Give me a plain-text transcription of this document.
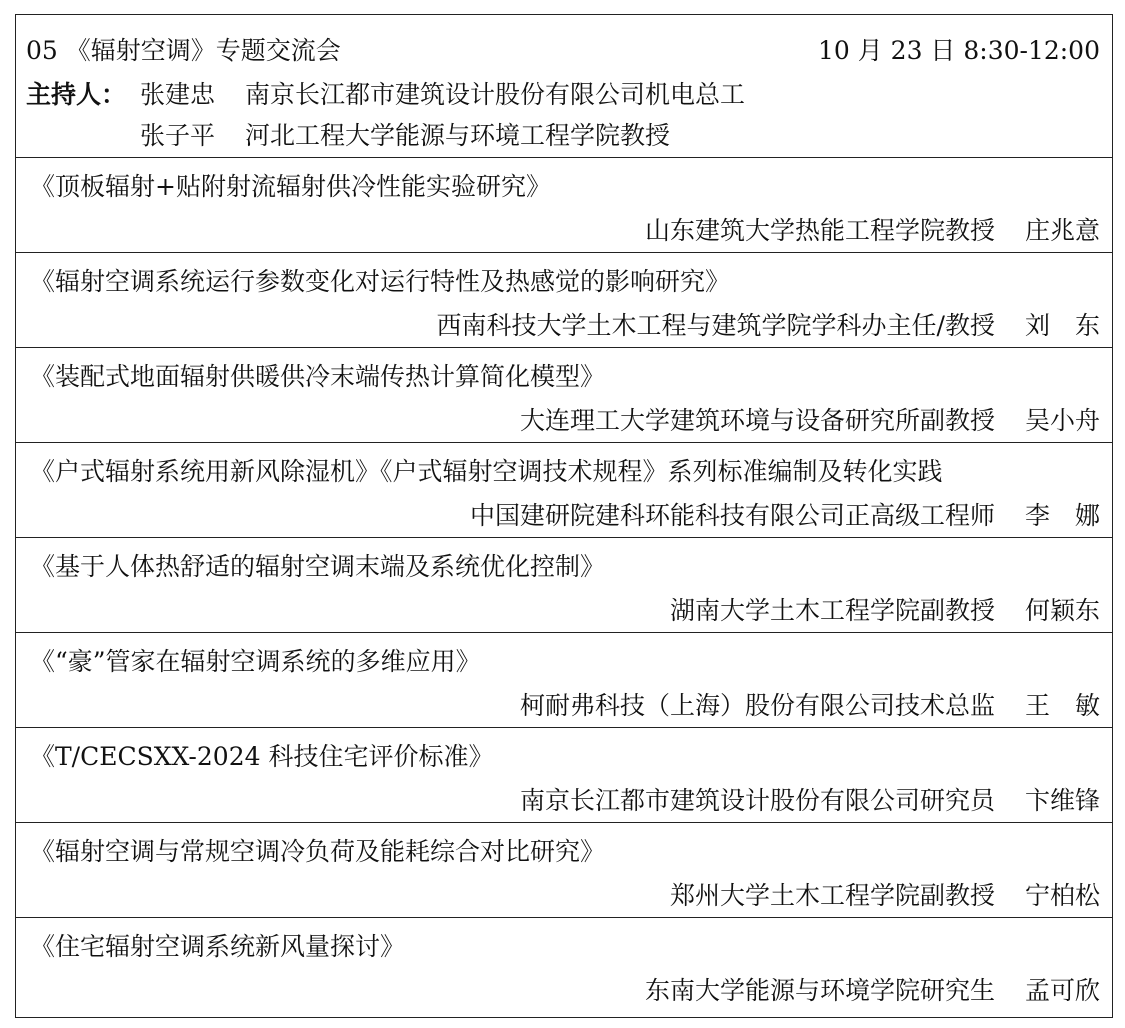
05 《辐射空调》专题交流会	10 月 23 日 8:30-12:00
主持人： 张建忠 南京长江都市建筑设计股份有限公司机电总工
张子平 河北工程大学能源与环境工程学院教授
《顶板辐射+贴附射流辐射供冷性能实验研究》
山东建筑大学热能工程学院教授 庄兆意
《辐射空调系统运行参数变化对运行特性及热感觉的影响研究》
西南科技大学土木工程与建筑学院学科办主任/教授 刘　东
《装配式地面辐射供暖供冷末端传热计算简化模型》
大连理工大学建筑环境与设备研究所副教授 吴小舟
《户式辐射系统用新风除湿机》《户式辐射空调技术规程》系列标准编制及转化实践
中国建研院建科环能科技有限公司正高级工程师 李　娜
《基于人体热舒适的辐射空调末端及系统优化控制》
湖南大学土木工程学院副教授 何颖东
《“豪”管家在辐射空调系统的多维应用》
柯耐弗科技（上海）股份有限公司技术总监 王　敏
《T/CECSXX-2024 科技住宅评价标准》
南京长江都市建筑设计股份有限公司研究员 卞维锋
《辐射空调与常规空调冷负荷及能耗综合对比研究》
郑州大学土木工程学院副教授 宁柏松
《住宅辐射空调系统新风量探讨》
东南大学能源与环境学院研究生 孟可欣
